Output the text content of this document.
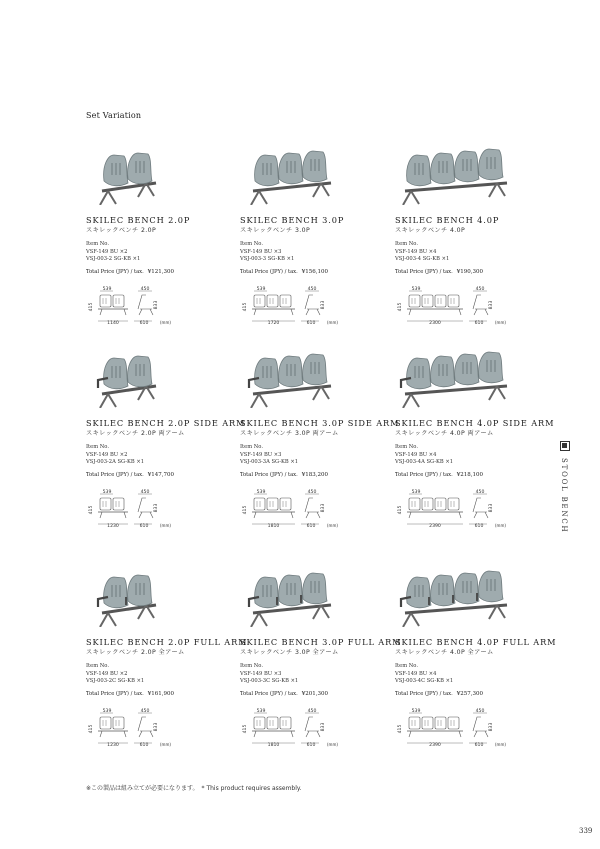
Set Variation
STOOL BENCH
SKILEC BENCH 2.0P
スキレックベンチ 2.0P
Item No.
VSF-149 BU ×2
VSJ-003-2 SG-KB ×1
Total Price (JPY) / tax. ¥121,300
539
1140
415
450
610
833
(mm)
SKILEC BENCH 3.0P
スキレックベンチ 3.0P
Item No.
VSF-149 BU ×3
VSJ-003-3 SG-KB ×1
Total Price (JPY) / tax. ¥156,100
539
1720
415
450
610
833
(mm)
SKILEC BENCH 4.0P
スキレックベンチ 4.0P
Item No.
VSF-149 BU ×4
VSJ-003-4 SG-KB ×1
Total Price (JPY) / tax. ¥190,300
539
2300
415
450
610
833
(mm)
SKILEC BENCH 2.0P SIDE ARM
スキレックベンチ 2.0P 両アーム
Item No.
VSF-149 BU ×2
VSJ-003-2A SG-KB ×1
Total Price (JPY) / tax. ¥147,700
539
1230
415
450
610
833
(mm)
SKILEC BENCH 3.0P SIDE ARM
スキレックベンチ 3.0P 両アーム
Item No.
VSF-149 BU ×3
VSJ-003-3A SG-KB ×1
Total Price (JPY) / tax. ¥183,200
539
1810
415
450
610
833
(mm)
SKILEC BENCH 4.0P SIDE ARM
スキレックベンチ 4.0P 両アーム
Item No.
VSF-149 BU ×4
VSJ-003-4A SG-KB ×1
Total Price (JPY) / tax. ¥218,100
539
2390
415
450
610
833
(mm)
SKILEC BENCH 2.0P FULL ARM
スキレックベンチ 2.0P 全アーム
Item No.
VSF-149 BU ×2
VSJ-003-2C SG-KB ×1
Total Price (JPY) / tax. ¥161,900
539
1230
415
450
610
833
(mm)
SKILEC BENCH 3.0P FULL ARM
スキレックベンチ 3.0P 全アーム
Item No.
VSF-149 BU ×3
VSJ-003-3C SG-KB ×1
Total Price (JPY) / tax. ¥201,300
539
1810
415
450
610
833
(mm)
SKILEC BENCH 4.0P FULL ARM
スキレックベンチ 4.0P 全アーム
Item No.
VSF-149 BU ×4
VSJ-003-4C SG-KB ×1
Total Price (JPY) / tax. ¥257,300
539
2390
415
450
610
833
(mm)
※この製品は組み立てが必要になります。　* This product requires assembly.
339
